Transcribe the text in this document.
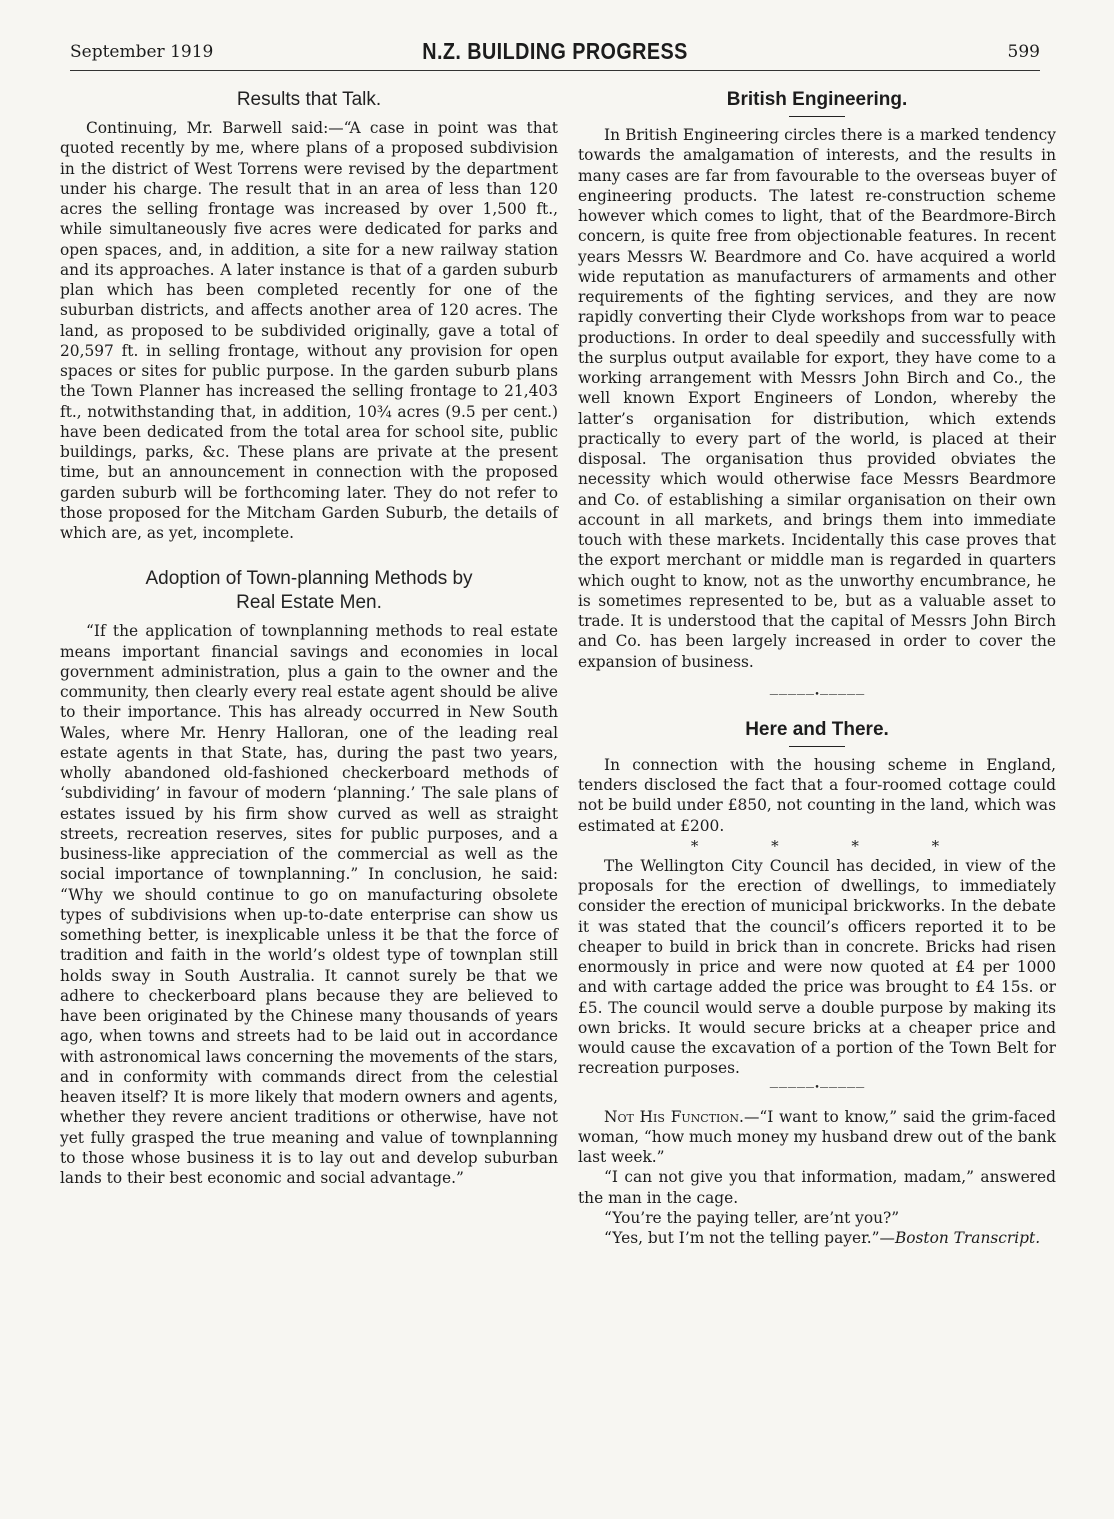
September 1919	N.Z. BUILDING PROGRESS	599
Results that Talk.

Continuing, Mr. Barwell said:—“A case in point was that quoted recently by me, where plans of a proposed subdivision in the district of West Torrens were revised by the department under his charge. The result that in an area of less than 120 acres the selling frontage was increased by over 1,500 ft., while simultaneously five acres were dedicated for parks and open spaces, and, in addition, a site for a new railway station and its approaches. A later instance is that of a garden suburb plan which has been completed recently for one of the suburban districts, and affects another area of 120 acres. The land, as proposed to be subdivided originally, gave a total of 20,597 ft. in selling frontage, without any provision for open spaces or sites for public purpose. In the garden suburb plans the Town Planner has increased the selling frontage to 21,403 ft., notwithstanding that, in addition, 10¾ acres (9.5 per cent.) have been dedicated from the total area for school site, public buildings, parks, &c. These plans are private at the present time, but an announcement in connection with the proposed garden suburb will be forthcoming later. They do not refer to those proposed for the Mitcham Garden Suburb, the details of which are, as yet, incomplete.

Adoption of Town-planning Methods by
Real Estate Men.

“If the application of townplanning methods to real estate means important financial savings and economies in local government administration, plus a gain to the owner and the community, then clearly every real estate agent should be alive to their importance. This has already occurred in New South Wales, where Mr. Henry Halloran, one of the leading real estate agents in that State, has, during the past two years, wholly abandoned old-fashioned checkerboard methods of ‘subdividing’ in favour of modern ‘planning.’ The sale plans of estates issued by his firm show curved as well as straight streets, recreation reserves, sites for public purposes, and a business-like appreciation of the commercial as well as the social importance of townplanning.” In conclusion, he said: “Why we should continue to go on manufacturing obsolete types of subdivisions when up-to-date enterprise can show us something better, is inexplicable unless it be that the force of tradition and faith in the world’s oldest type of townplan still holds sway in South Australia. It cannot surely be that we adhere to checkerboard plans because they are believed to have been originated by the Chinese many thousands of years ago, when towns and streets had to be laid out in accordance with astronomical laws concerning the movements of the stars, and in conformity with commands direct from the celestial heaven itself? It is more likely that modern owners and agents, whether they revere ancient traditions or otherwise, have not yet fully grasped the true meaning and value of townplanning to those whose business it is to lay out and develop suburban lands to their best economic and social advantage.”

British Engineering.

In British Engineering circles there is a marked tendency towards the amalgamation of interests, and the results in many cases are far from favourable to the overseas buyer of engineering products. The latest re-construction scheme however which comes to light, that of the Beardmore-Birch concern, is quite free from objectionable features. In recent years Messrs W. Beardmore and Co. have acquired a world wide reputation as manufacturers of armaments and other requirements of the fighting services, and they are now rapidly converting their Clyde workshops from war to peace productions. In order to deal speedily and successfully with the surplus output available for export, they have come to a working arrangement with Messrs John Birch and Co., the well known Export Engineers of London, whereby the latter’s organisation for distribution, which extends practically to every part of the world, is placed at their disposal. The organisation thus provided obviates the necessity which would otherwise face Messrs Beardmore and Co. of establishing a similar organisation on their own account in all markets, and brings them into immediate touch with these markets. Incidentally this case proves that the export merchant or middle man is regarded in quarters which ought to know, not as the unworthy encumbrance, he is sometimes represented to be, but as a valuable asset to trade. It is understood that the capital of Messrs John Birch and Co. has been largely increased in order to cover the expansion of business.

—————•—————
Here and There.

In connection with the housing scheme in England, tenders disclosed the fact that a four-roomed cottage could not be build under £850, not counting in the land, which was estimated at £200.

* * * *

The Wellington City Council has decided, in view of the proposals for the erection of dwellings, to immediately consider the erection of municipal brickworks. In the debate it was stated that the council’s officers reported it to be cheaper to build in brick than in concrete. Bricks had risen enormously in price and were now quoted at £4 per 1000 and with cartage added the price was brought to £4 15s. or £5. The council would serve a double purpose by making its own bricks. It would secure bricks at a cheaper price and would cause the excavation of a portion of the Town Belt for recreation purposes.

—————•—————

Not His Function.—“I want to know,” said the grim-faced woman, “how much money my husband drew out of the bank last week.”

“I can not give you that information, madam,” answered the man in the cage.

“You’re the paying teller, are’nt you?”

“Yes, but I’m not the telling payer.”—Boston Transcript.
